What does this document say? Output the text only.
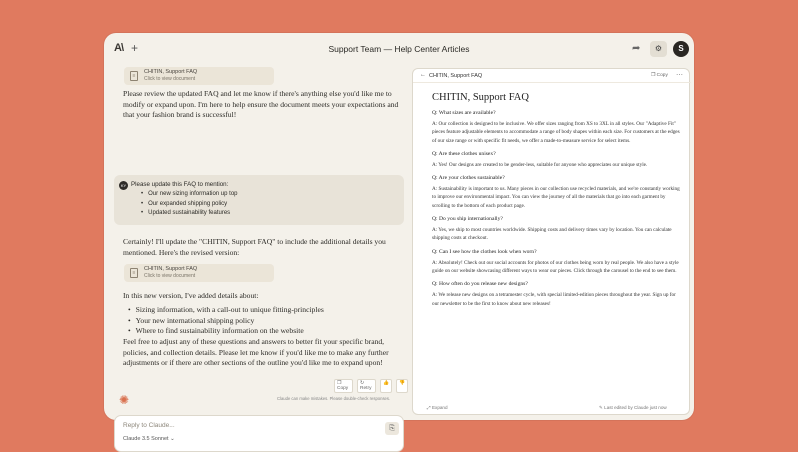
A\ +	Support Team — Help Center Articles	➦	⚙	S
≡
CHITIN, Support FAQ
Click to view document
Please review the updated FAQ and let me know if there's anything else you'd like me to modify or expand upon. I'm here to help ensure the document meets your expectations and that your fashion brand is successful!
KY Please update this FAQ to mention:
• Our new sizing information up top
• Our expanded shipping policy
• Updated sustainability features
Certainly! I'll update the "CHITIN, Support FAQ" to include the additional details you mentioned. Here's the revised version:
≡
CHITIN, Support FAQ
Click to view document
In this new version, I've added details about:
• Sizing information, with a call-out to unique fitting-principles
• Your new international shipping policy
• Where to find sustainability information on the website
Feel free to adjust any of these questions and answers to better fit your specific brand, policies, and collection details. Please let me know if you'd like me to make any further adjustments or if there are other sections of the outline you'd like me to expand upon!
❐ Copy
↻ Retry
👍	👎
✺	Claude can make mistakes. Please double-check responses.
Reply to Claude...
Claude 3.5 Sonnet ⌄
⎘
← CHITIN, Support FAQ	❐ Copy ⋯
CHITIN, Support FAQ
Q: What sizes are available?
A: Our collection is designed to be inclusive. We offer sizes ranging from XS to 3XL in all styles. Our "Adaptive Fit" pieces feature adjustable elements to accommodate a range of body shapes within each size. For customers at the edges of our size range or with specific fit needs, we offer a made-to-measure service for select items.
Q: Are these clothes unisex?
A: Yes! Our designs are created to be gender-less, suitable for anyone who appreciates our unique style.
Q: Are your clothes sustainable?
A: Sustainability is important to us. Many pieces in our collection use recycled materials, and we're constantly working to improve our environmental impact. You can view the journey of all the materials that go into each garment by scrolling to the bottom of each product page.
Q: Do you ship internationally?
A: Yes, we ship to most countries worldwide. Shipping costs and delivery times vary by location. You can calculate shipping costs at checkout.
Q: Can I see how the clothes look when worn?
A: Absolutely! Check out our social accounts for photos of our clothes being worn by real people. We also have a style guide on our website showcasing different ways to wear our pieces. Click through the carousel to the end to see them.
Q: How often do you release new designs?
A: We release new designs on a tetramester cycle, with special limited-edition pieces throughout the year. Sign up for our newsletter to be the first to know about new releases!
⤢ Expand	✎ Last edited by Claude just now
